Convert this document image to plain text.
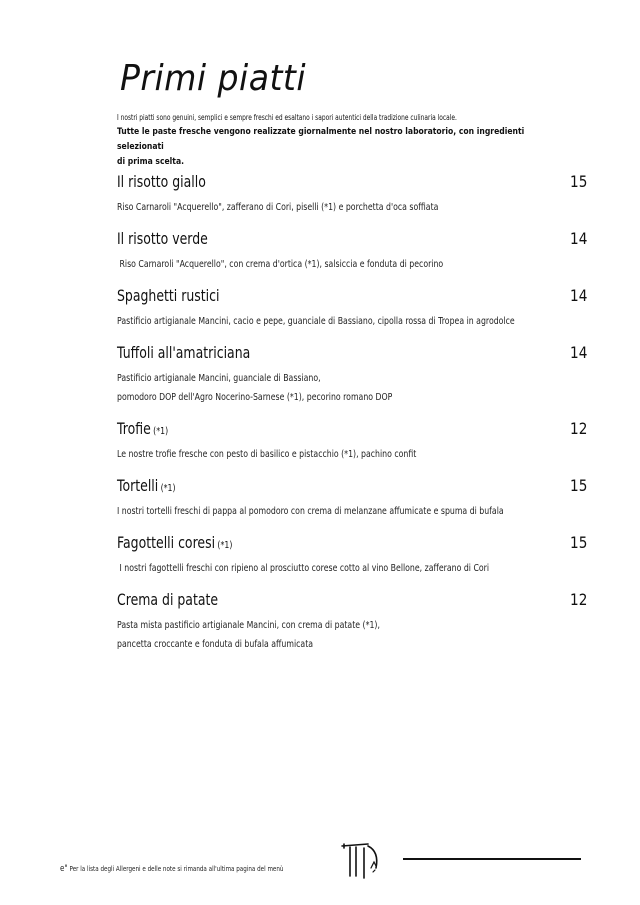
Primi piatti
I nostri piatti sono genuini, semplici e sempre freschi ed esaltano i sapori autentici della tradizione culinaria locale.
Tutte le paste fresche vengono realizzate giornalmente nel nostro laboratorio, con ingredienti selezionati
di prima scelta.
Il risotto giallo	15
Riso Carnaroli "Acquerello", zafferano di Cori, piselli (*1) e porchetta d'oca soffiata
Il risotto verde	14
Riso Carnaroli "Acquerello", con crema d'ortica (*1), salsiccia e fonduta di pecorino
Spaghetti rustici	14
Pastificio artigianale Mancini, cacio e pepe, guanciale di Bassiano, cipolla rossa di Tropea in agrodolce
Tuffoli all'amatriciana	14
Pastificio artigianale Mancini, guanciale di Bassiano,
pomodoro DOP dell'Agro Nocerino-Sarnese (*1), pecorino romano DOP
Trofie (*1)	12
Le nostre trofie fresche con pesto di basilico e pistacchio (*1), pachino confit
Tortelli (*1)	15
I nostri tortelli freschi di pappa al pomodoro con crema di melanzane affumicate e spuma di bufala
Fagottelli coresi (*1)	15
I nostri fagottelli freschi con ripieno al prosciutto corese cotto al vino Bellone, zafferano di Cori
Crema di patate	12
Pasta mista pastificio artigianale Mancini, con crema di patate (*1),
pancetta croccante e fonduta di bufala affumicata
e" Per la lista degli Allergeni e delle note si rimanda all'ultima pagina del menù
